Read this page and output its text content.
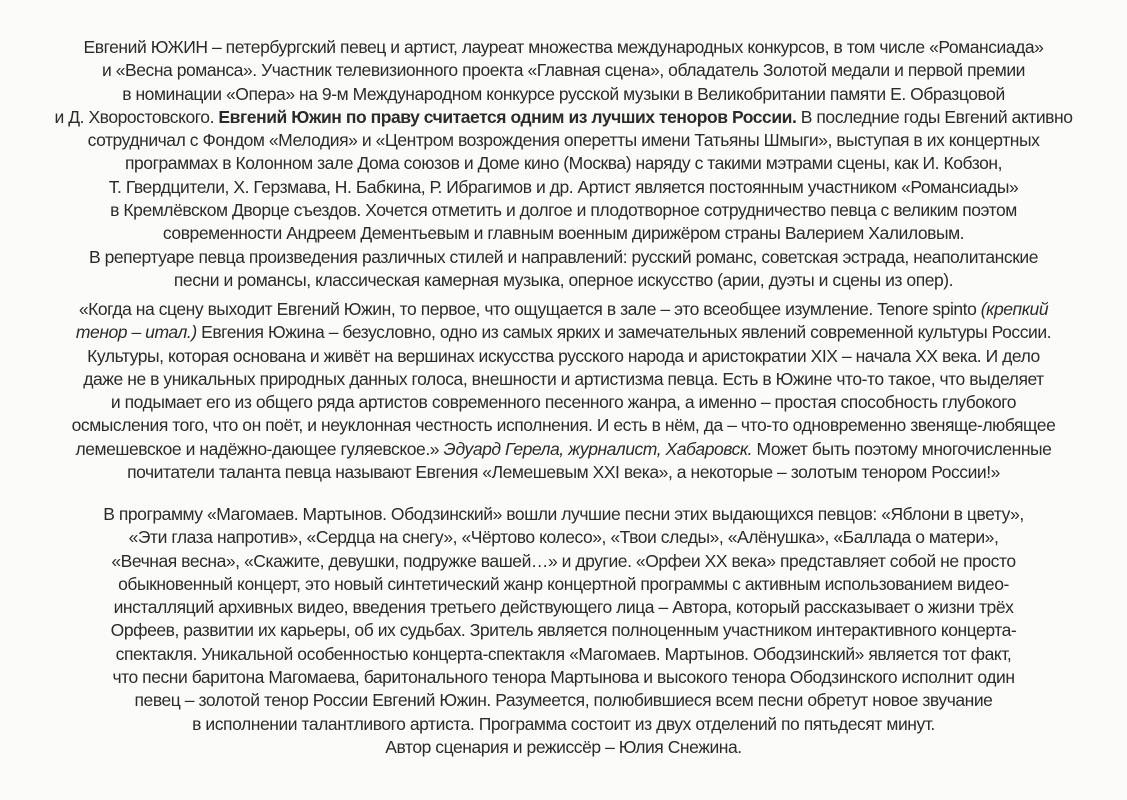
Евгений ЮЖИН – петербургский певец и артист, лауреат множества международных конкурсов, в том числе «Романсиада»
и «Весна романса». Участник телевизионного проекта «Главная сцена», обладатель Золотой медали и первой премии
в номинации «Опера» на 9-м Международном конкурсе русской музыки в Великобритании памяти Е. Образцовой
и Д. Хворостовского. Евгений Южин по праву считается одним из лучших теноров России. В последние годы Евгений активно
сотрудничал с Фондом «Мелодия» и «Центром возрождения оперетты имени Татьяны Шмыги», выступая в их концертных
программах в Колонном зале Дома союзов и Доме кино (Москва) наряду с такими мэтрами сцены, как И. Кобзон,
Т. Гвердцители, Х. Герзмава, Н. Бабкина, Р. Ибрагимов и др. Артист является постоянным участником «Романсиады»
в Кремлёвском Дворце съездов. Хочется отметить и долгое и плодотворное сотрудничество певца с великим поэтом
современности Андреем Дементьевым и главным военным дирижёром страны Валерием Халиловым.
В репертуаре певца произведения различных стилей и направлений: русский романс, советская эстрада, неаполитанские
песни и романсы, классическая камерная музыка, оперное искусство (арии, дуэты и сцены из опер).
«Когда на сцену выходит Евгений Южин, то первое, что ощущается в зале – это всеобщее изумление. Tenore spinto (крепкий
тенор – итал.) Евгения Южина – безусловно, одно из самых ярких и замечательных явлений современной культуры России.
Культуры, которая основана и живёт на вершинах искусства русского народа и аристократии XIX – начала XX века. И дело
даже не в уникальных природных данных голоса, внешности и артистизма певца. Есть в Южине что-то такое, что выделяет
и подымает его из общего ряда артистов современного песенного жанра, а именно – простая способность глубокого
осмысления того, что он поёт, и неуклонная честность исполнения. И есть в нём, да – что-то одновременно звеняще-любящее
лемешевское и надёжно-дающее гуляевское.» Эдуард Герела, журналист, Хабаровск. Может быть поэтому многочисленные
почитатели таланта певца называют Евгения «Лемешевым XXI века», а некоторые – золотым тенором России!»
В программу «Магомаев. Мартынов. Ободзинский» вошли лучшие песни этих выдающихся певцов: «Яблони в цвету»,
«Эти глаза напротив», «Сердца на снегу», «Чёртово колесо», «Твои следы», «Алёнушка», «Баллада о матери»,
«Вечная весна», «Скажите, девушки, подружке вашей…» и другие. «Орфеи XX века» представляет собой не просто
обыкновенный концерт, это новый синтетический жанр концертной программы с активным использованием видео-
инсталляций архивных видео, введения третьего действующего лица – Автора, который рассказывает о жизни трёх
Орфеев, развитии их карьеры, об их судьбах. Зритель является полноценным участником интерактивного концерта-
спектакля. Уникальной особенностью концерта-спектакля «Магомаев. Мартынов. Ободзинский» является тот факт,
что песни баритона Магомаева, баритонального тенора Мартынова и высокого тенора Ободзинского исполнит один
певец – золотой тенор России Евгений Южин. Разумеется, полюбившиеся всем песни обретут новое звучание
в исполнении талантливого артиста. Программа состоит из двух отделений по пятьдесят минут.
Автор сценария и режиссёр – Юлия Снежина.
